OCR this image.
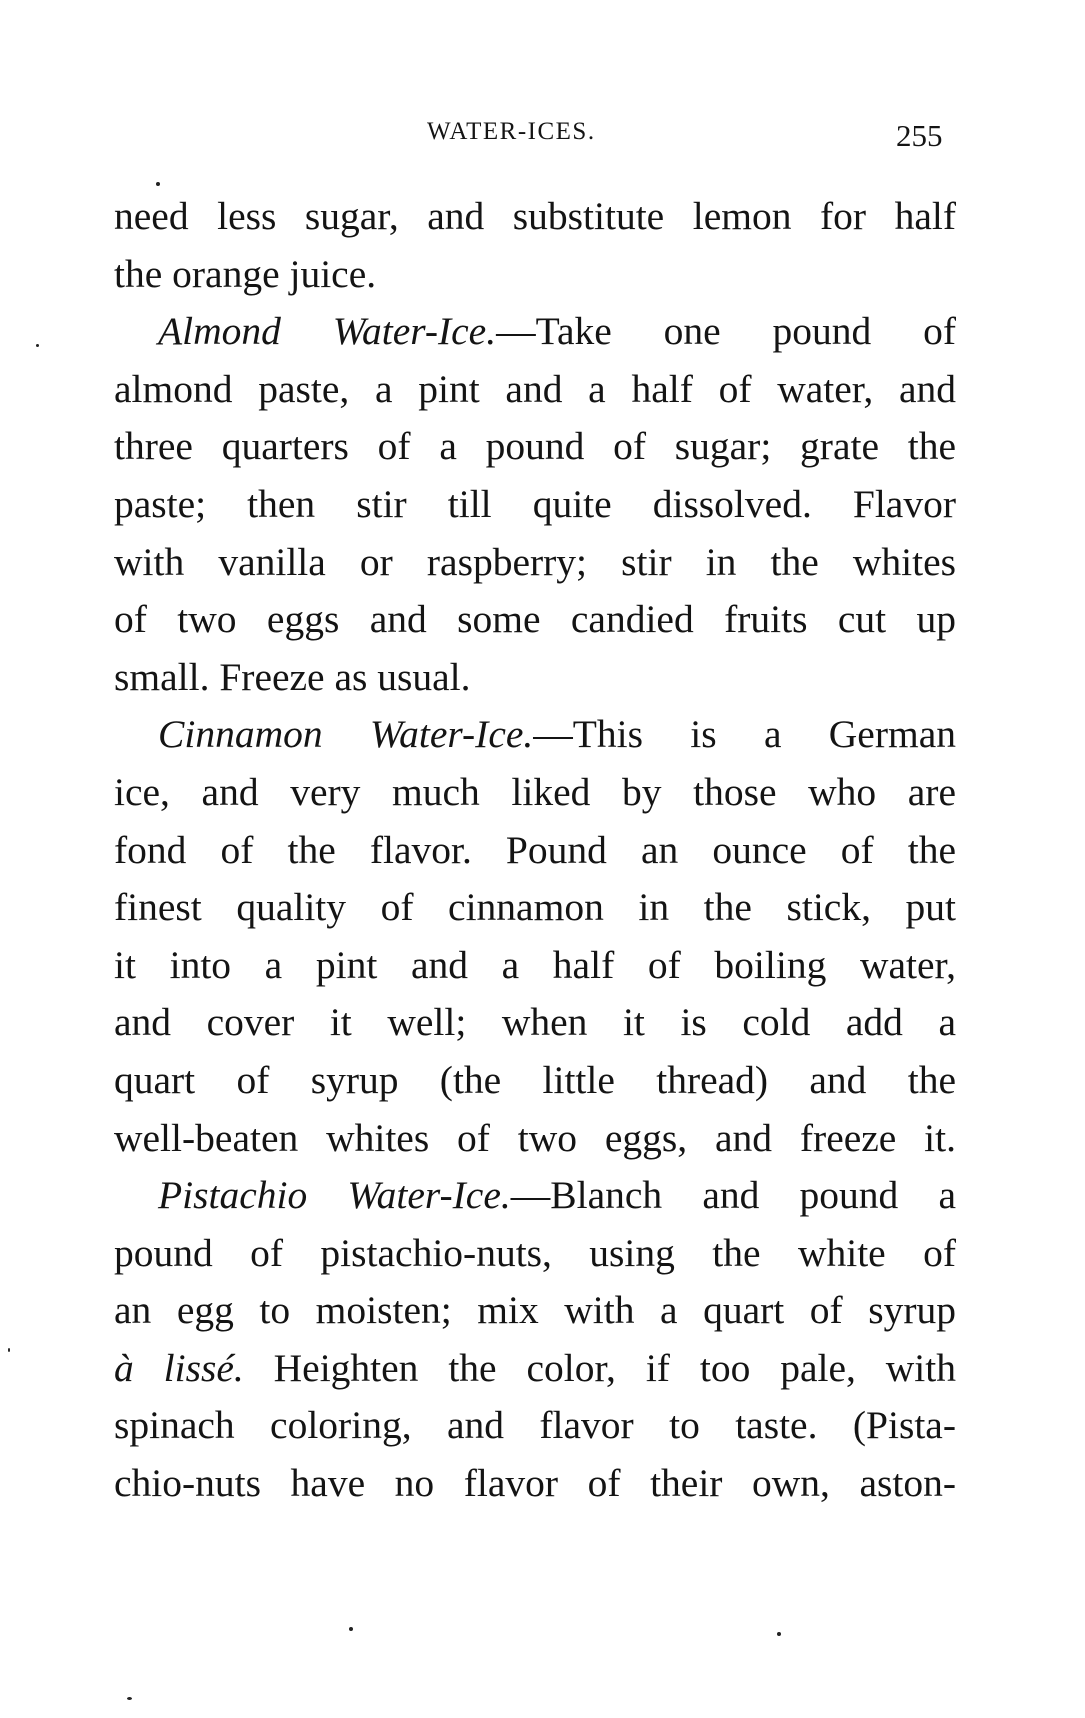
WATER-ICES.	255
need less sugar, and substitute lemon for half
the orange juice.
Almond Water-Ice.—Take one pound of
almond paste, a pint and a half of water, and
three quarters of a pound of sugar; grate the
paste; then stir till quite dissolved. Flavor
with vanilla or raspberry; stir in the whites
of two eggs and some candied fruits cut up
small. Freeze as usual.
Cinnamon Water-Ice.—This is a German
ice, and very much liked by those who are
fond of the flavor. Pound an ounce of the
finest quality of cinnamon in the stick, put
it into a pint and a half of boiling water,
and cover it well; when it is cold add a
quart of syrup (the little thread) and the
well-beaten whites of two eggs, and freeze it.
Pistachio Water-Ice.—Blanch and pound a
pound of pistachio-nuts, using the white of
an egg to moisten; mix with a quart of syrup
à lissé. Heighten the color, if too pale, with
spinach coloring, and flavor to taste. (Pista-
chio-nuts have no flavor of their own, aston-
